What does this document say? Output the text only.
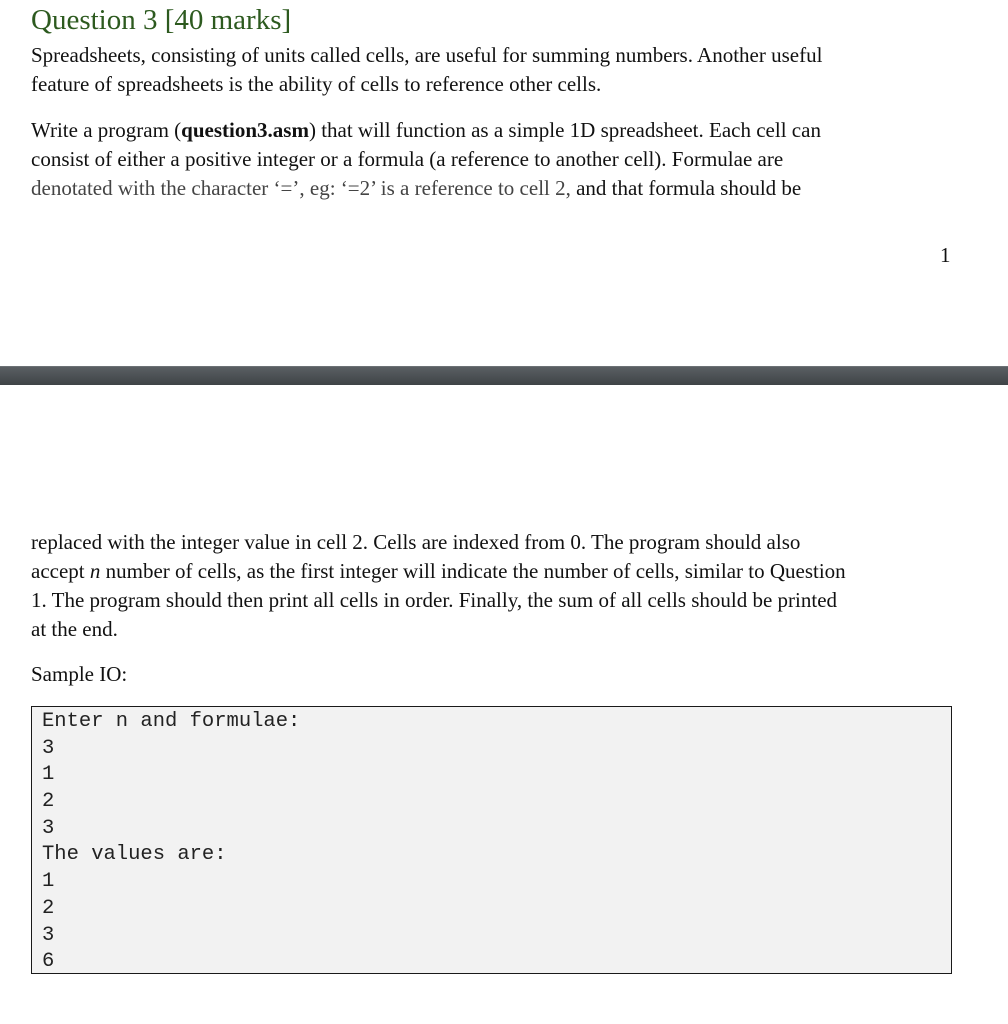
Question 3 [40 marks]

Spreadsheets, consisting of units called cells, are useful for summing numbers. Another useful
feature of spreadsheets is the ability of cells to reference other cells.

Write a program (question3.asm) that will function as a simple 1D spreadsheet. Each cell can
consist of either a positive integer or a formula (a reference to another cell). Formulae are
denotated with the character ‘=’, eg: ‘=2’ is a reference to cell 2, and that formula should be

1

replaced with the integer value in cell 2. Cells are indexed from 0. The program should also
accept n number of cells, as the first integer will indicate the number of cells, similar to Question
1. The program should then print all cells in order. Finally, the sum of all cells should be printed
at the end.

Sample IO:

Enter n and formulae:
3
1
2
3
The values are:
1
2
3
6
